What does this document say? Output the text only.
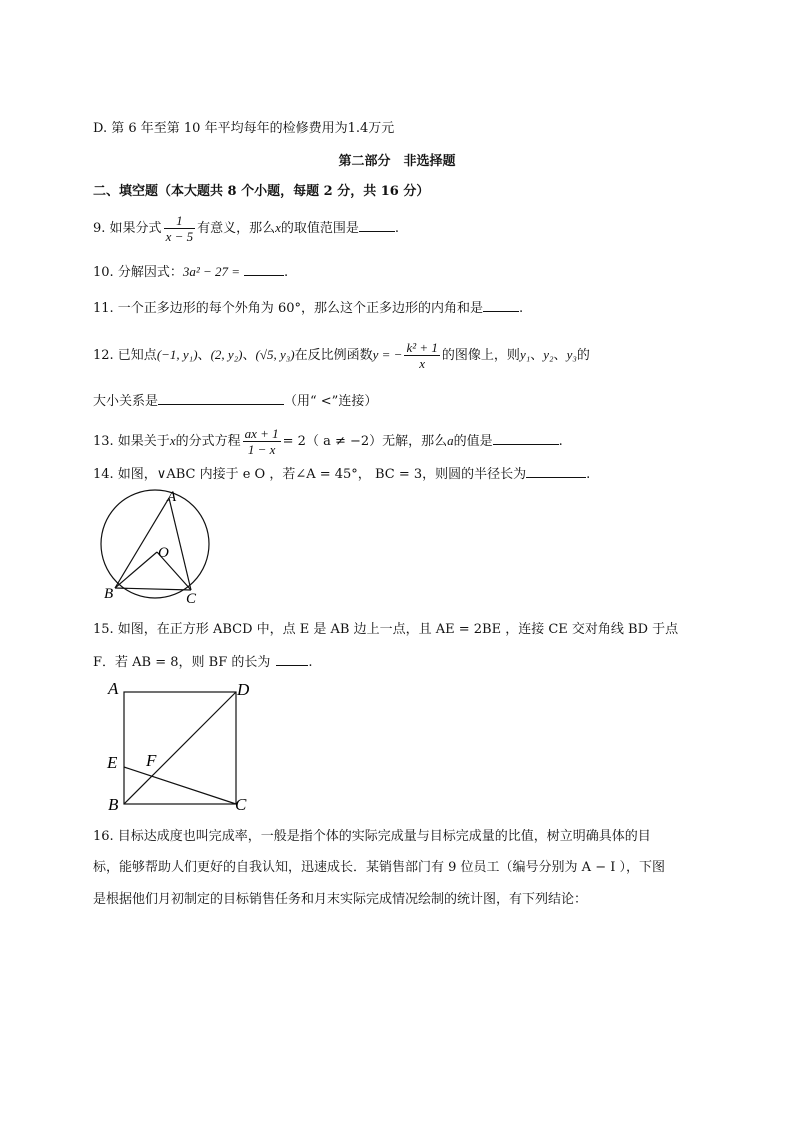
D. 第 6 年至第 10 年平均每年的检修费用为1.4万元
第二部分　非选择题
二、填空题（本大题共 8 个小题，每题 2 分，共 16 分）
9. 如果分式 $\frac{1}{x - 5}$ 有意义，那么x的取值范围是	.
10. 分解因式：3a² − 27 =	.
11. 一个正多边形的每个外角为 60°，那么这个正多边形的内角和是	.
12. 已知点(−1, y₁)、(2, y₂)、(√5, y₃)在反比例函数y = − $\frac{\text{k² + 1}}{x}$ 的图像上，则y₁、y₂、y₃的
大小关系是	（用“ <”连接）
13. 如果关于x的分式方程 $\frac{ax + 1}{1 - x} = 2$（ a ≠ −2）无解，那么a的值是	.
14. 如图，∨ABC 内接于 e O ，若∠A = 45°， BC = 3，则圆的半径长为	.
A
O
B	C
15. 如图，在正方形 ABCD 中，点 E 是 AB 边上一点，且 AE = 2BE ，连接 CE 交对角线 BD 于点
F．若 AB = 8，则 BF 的长为	.
A	D
E F
B	C
16. 目标达成度也叫完成率，一般是指个体的实际完成量与目标完成量的比值，树立明确具体的目
标，能够帮助人们更好的自我认知，迅速成长．某销售部门有 9 位员工（编号分别为 A − I ），下图
是根据他们月初制定的目标销售任务和月末实际完成情况绘制的统计图，有下列结论：
